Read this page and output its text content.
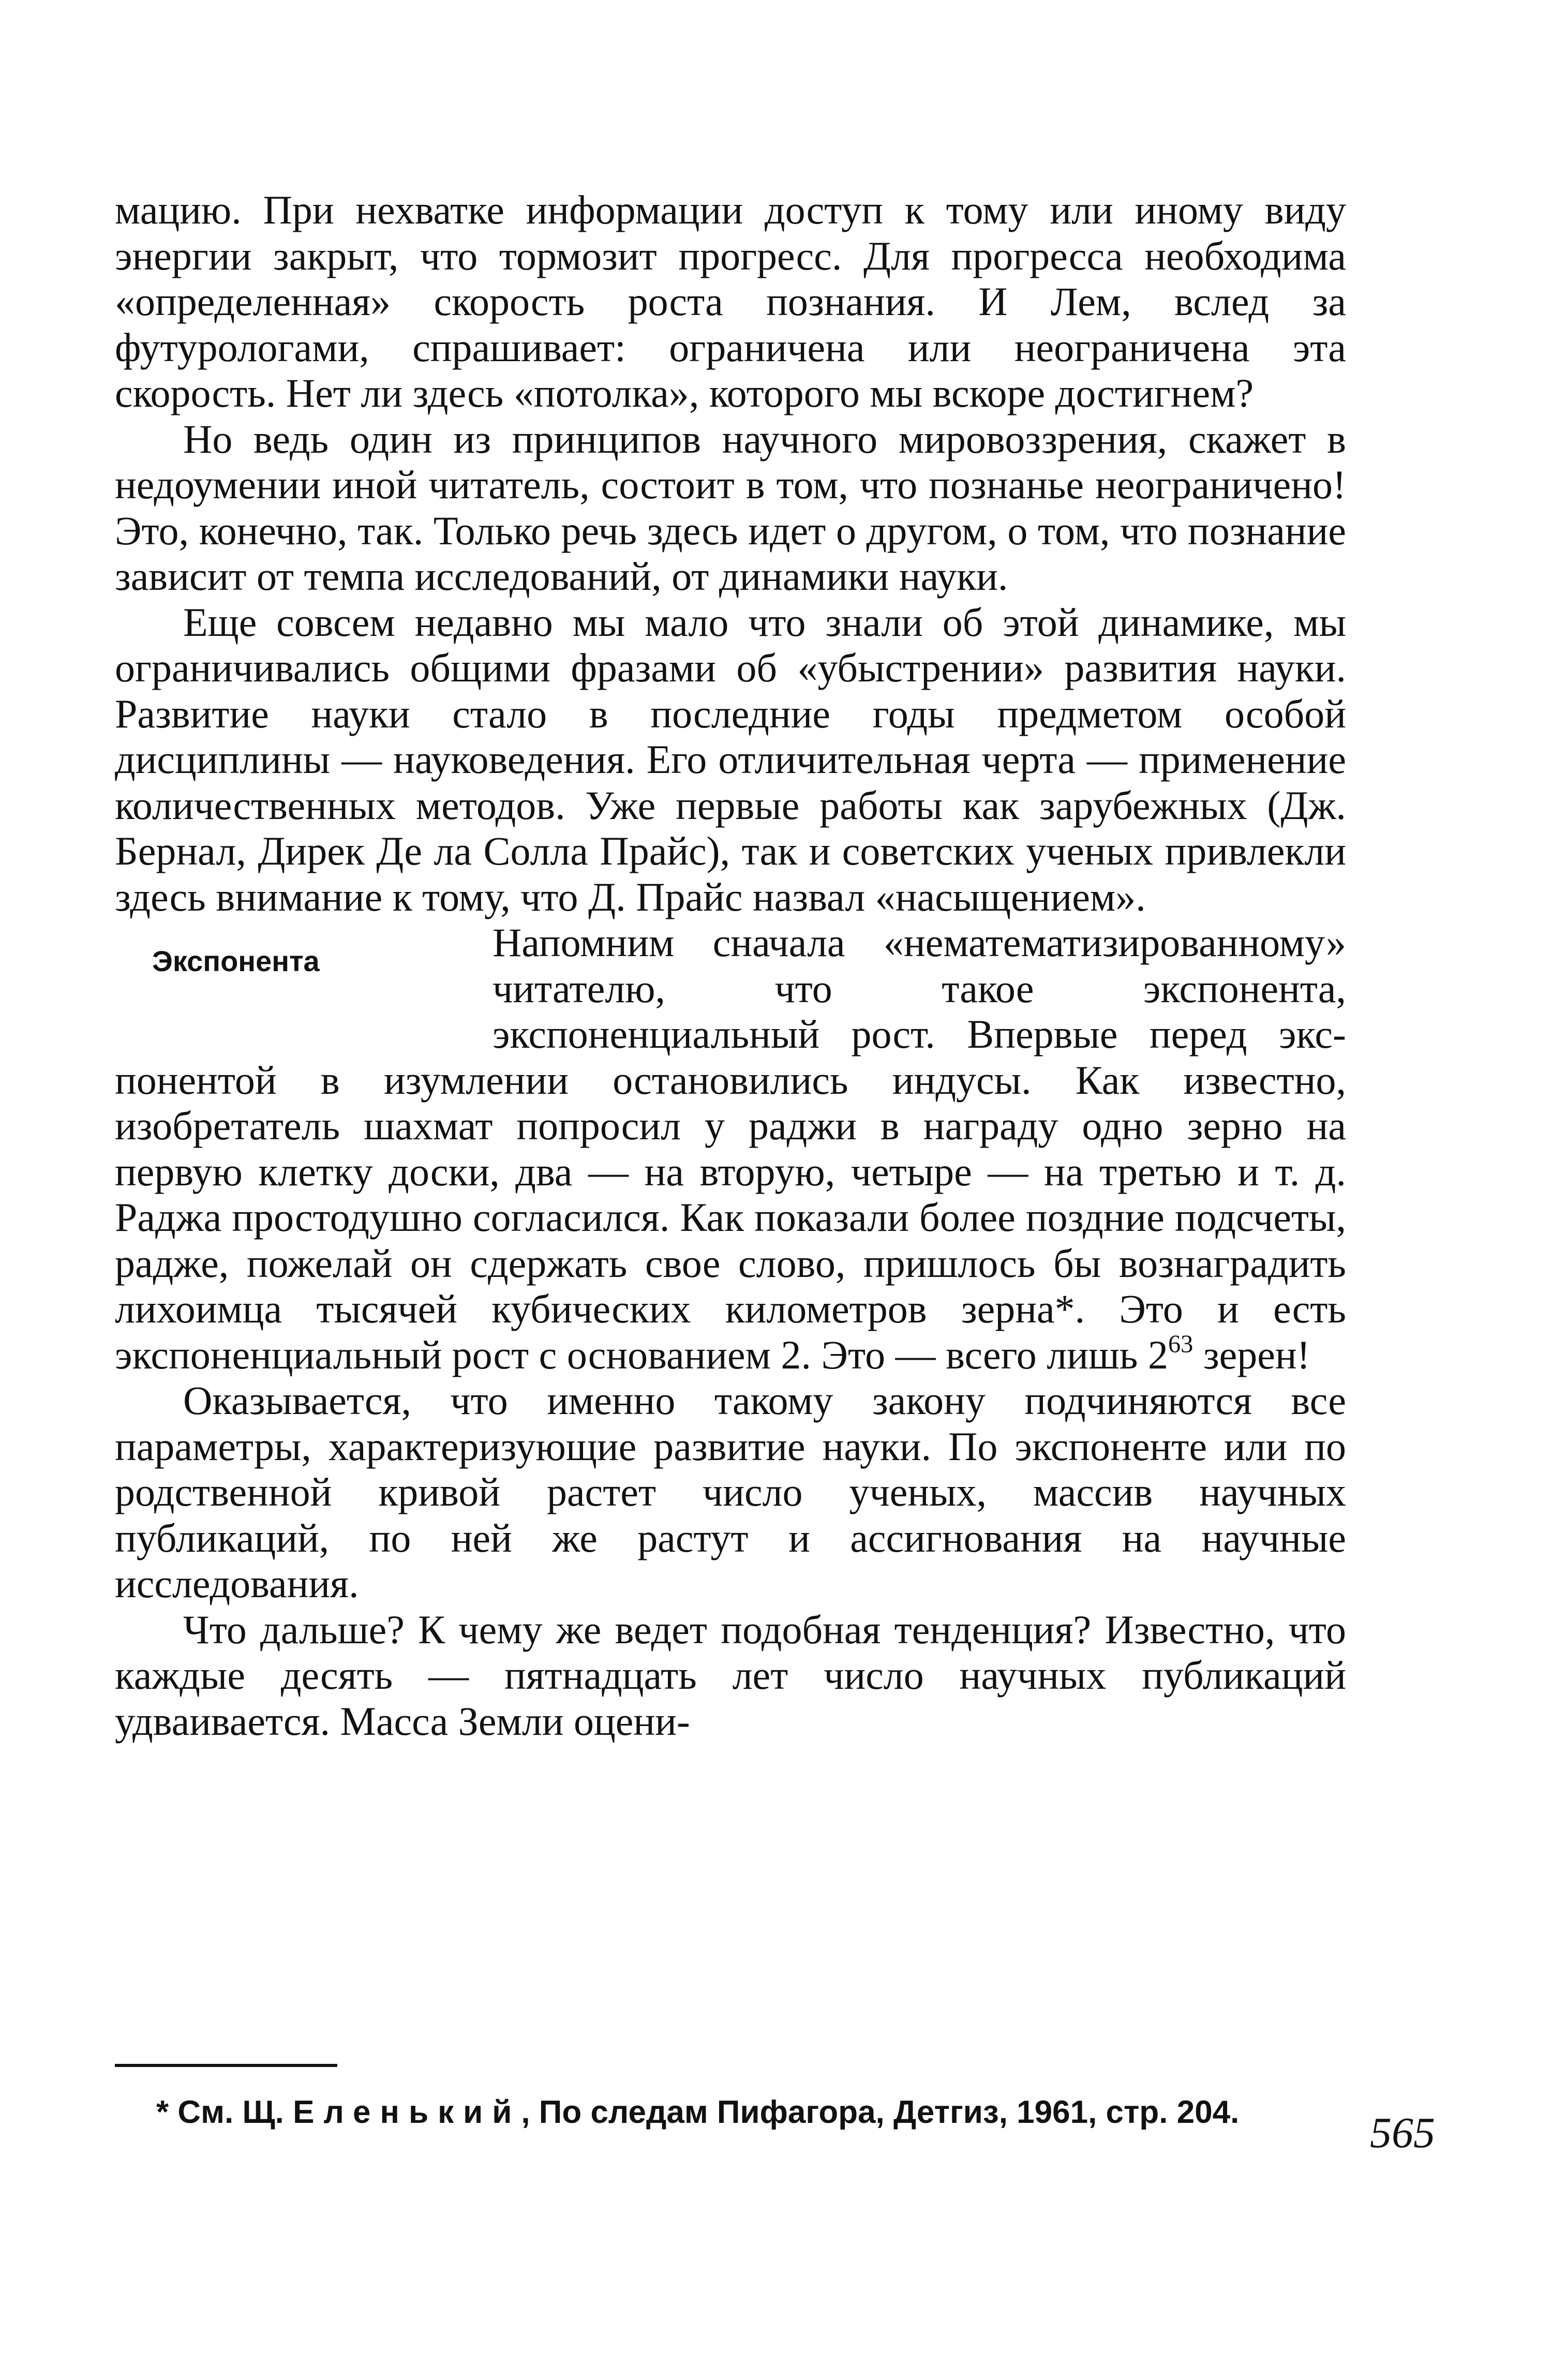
мацию. При нехватке информации доступ к тому или иному виду энергии закрыт, что тормозит прогресс. Для прогресса необходима «определенная» скорость роста познания. И Лем, вслед за футурологами, спрашивает: ограничена или неограничена эта скорость. Нет ли здесь «потолка», которого мы вскоре достигнем?

Но ведь один из принципов научного мировоззрения, скажет в недоумении иной читатель, состоит в том, что познанье неограничено! Это, конечно, так. Только речь здесь идет о другом, о том, что познание зависит от темпа исследований, от динамики науки.

Еще совсем недавно мы мало что знали об этой динамике, мы ограничивались общими фразами об «убыстрении» развития науки. Развитие науки стало в последние годы предметом особой дисциплины — науковедения. Его отличительная черта — применение количественных методов. Уже первые работы как зарубежных (Дж. Бернал, Дирек Де ла Солла Прайс), так и советских ученых привлекли здесь внимание к тому, что Д. Прайс назвал «насыщением».

Экспонента	Напомним сначала «нематематизированному» читателю, что такое экспонента, экспоненциальный рост. Впервые перед экспонентой в изумлении остановились индусы. Как известно, изобретатель шахмат попросил у раджи в награду одно зерно на первую клетку доски, два — на вторую, четыре — на третью и т. д. Раджа простодушно согласился. Как показали более поздние подсчеты, радже, пожелай он сдержать свое слово, пришлось бы вознаградить лихоимца тысячей кубических километров зерна*. Это и есть экспоненциальный рост с основанием 2. Это — всего лишь $2^{63}$ зерен!

Оказывается, что именно такому закону подчиняются все параметры, характеризующие развитие науки. По экспоненте или по родственной кривой растет число ученых, массив научных публикаций, по ней же растут и ассигнования на научные исследования.

Что дальше? К чему же ведет подобная тенденция? Известно, что каждые десять — пятнадцать лет число научных публикаций удваивается. Масса Земли оцени-

* См. Щ. Еленький, По следам Пифагора, Детгиз, 1961, стр. 204.	565
